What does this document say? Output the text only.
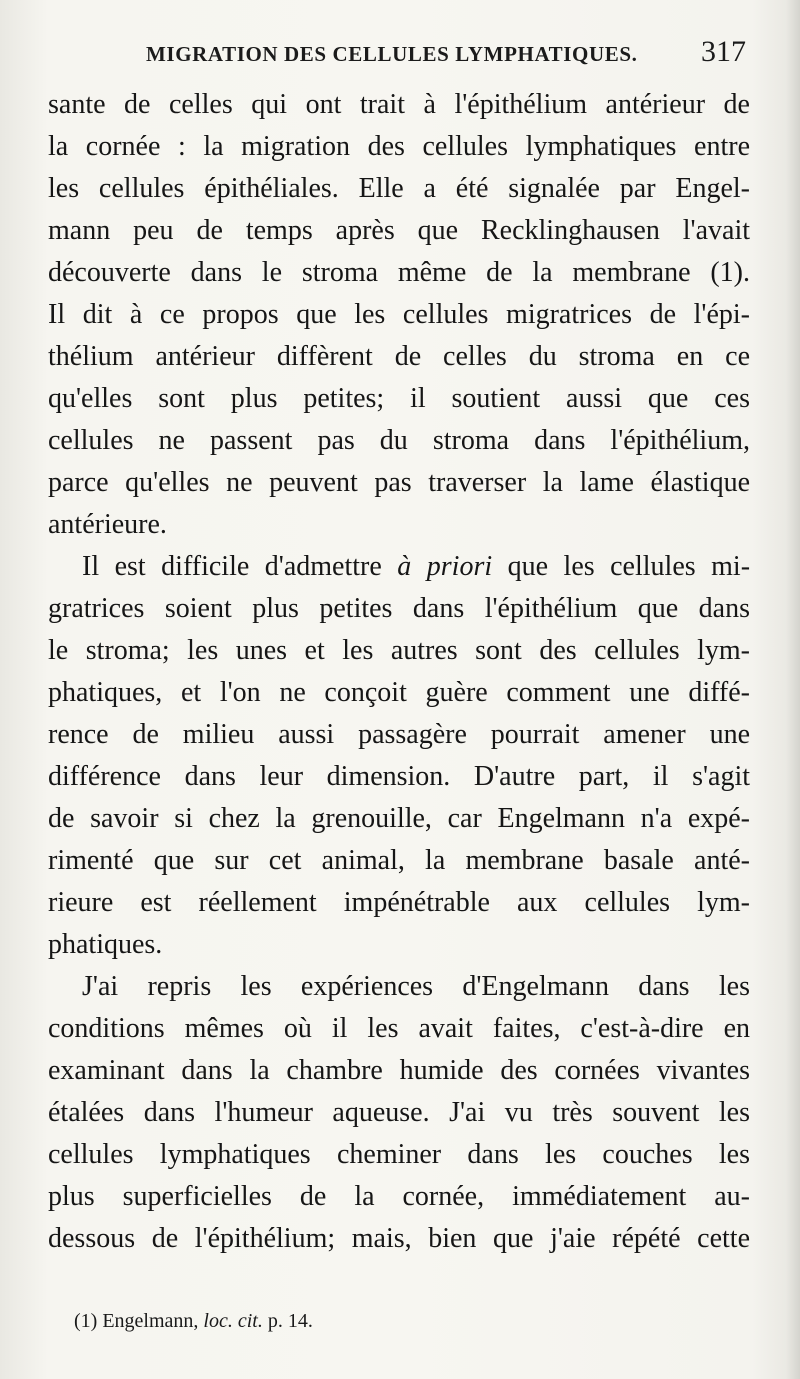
MIGRATION DES CELLULES LYMPHATIQUES. 317
sante de celles qui ont trait à l'épithélium antérieur de
la cornée : la migration des cellules lymphatiques entre
les cellules épithéliales. Elle a été signalée par Engel-
mann peu de temps après que Recklinghausen l'avait
découverte dans le stroma même de la membrane (1).
Il dit à ce propos que les cellules migratrices de l'épi-
thélium antérieur diffèrent de celles du stroma en ce
qu'elles sont plus petites; il soutient aussi que ces
cellules ne passent pas du stroma dans l'épithélium,
parce qu'elles ne peuvent pas traverser la lame élastique
antérieure.
Il est difficile d'admettre à priori que les cellules mi-
gratrices soient plus petites dans l'épithélium que dans
le stroma; les unes et les autres sont des cellules lym-
phatiques, et l'on ne conçoit guère comment une diffé-
rence de milieu aussi passagère pourrait amener une
différence dans leur dimension. D'autre part, il s'agit
de savoir si chez la grenouille, car Engelmann n'a expé-
rimenté que sur cet animal, la membrane basale anté-
rieure est réellement impénétrable aux cellules lym-
phatiques.
J'ai repris les expériences d'Engelmann dans les
conditions mêmes où il les avait faites, c'est-à-dire en
examinant dans la chambre humide des cornées vivantes
étalées dans l'humeur aqueuse. J'ai vu très souvent les
cellules lymphatiques cheminer dans les couches les
plus superficielles de la cornée, immédiatement au-
dessous de l'épithélium; mais, bien que j'aie répété cette
(1) Engelmann, loc. cit. p. 14.
